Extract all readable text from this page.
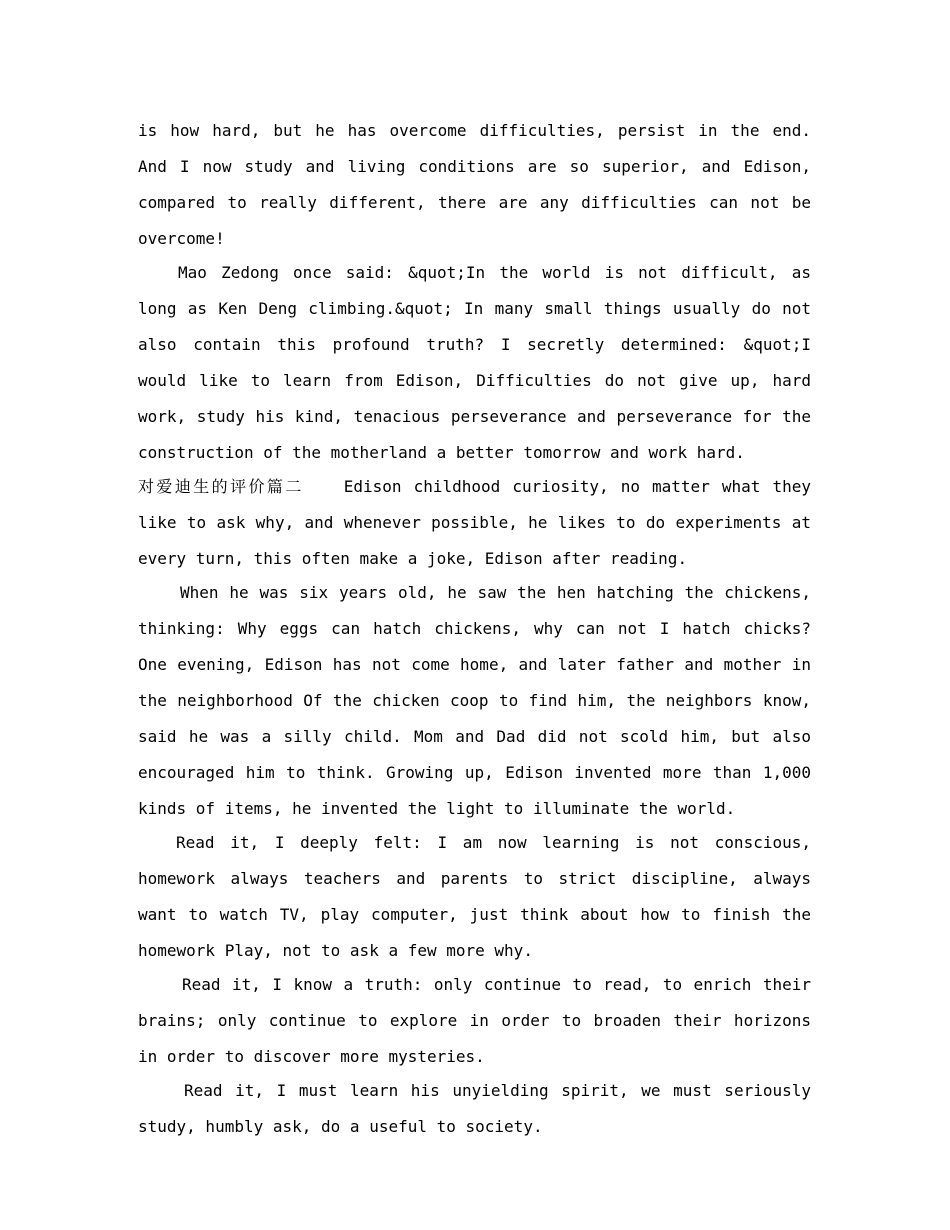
is how hard, but he has overcome difficulties, persist in the end. And I now study and living conditions are so superior, and Edison, compared to really different, there are any difficulties can not be overcome!

Mao Zedong once said: &quot;In the world is not difficult, as long as Ken Deng climbing.&quot; In many small things usually do not also contain this profound truth? I secretly determined: &quot;I would like to learn from Edison, Difficulties do not give up, hard work, study his kind, tenacious perseverance and perseverance for the construction of the motherland a better tomorrow and work hard.

对爱迪生的评价篇二	Edison childhood curiosity, no matter what they like to ask why, and whenever possible, he likes to do experiments at every turn, this often make a joke, Edison after reading.

When he was six years old, he saw the hen hatching the chickens, thinking: Why eggs can hatch chickens, why can not I hatch chicks? One evening, Edison has not come home, and later father and mother in the neighborhood Of the chicken coop to find him, the neighbors know, said he was a silly child. Mom and Dad did not scold him, but also encouraged him to think. Growing up, Edison invented more than 1,000 kinds of items, he invented the light to illuminate the world.

Read it, I deeply felt: I am now learning is not conscious, homework always teachers and parents to strict discipline, always want to watch TV, play computer, just think about how to finish the homework Play, not to ask a few more why.

Read it, I know a truth: only continue to read, to enrich their brains; only continue to explore in order to broaden their horizons in order to discover more mysteries.

Read it, I must learn his unyielding spirit, we must seriously study, humbly ask, do a useful to society.
